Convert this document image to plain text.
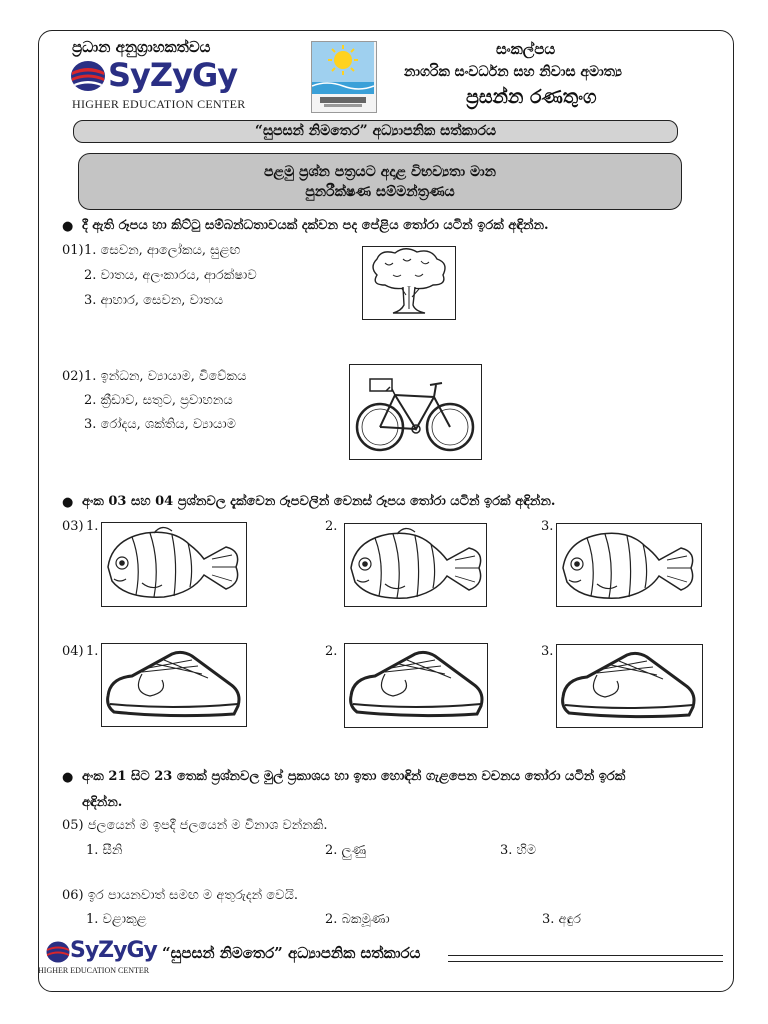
ප්‍රධාන අනුග්‍රාහකත්වය
SyZyGy
HIGHER EDUCATION CENTER
සංකල්පය
නාගරික සංවර්ධන සහ නිවාස අමාත්‍ය
ප්‍රසන්න රණතුංග
“සුපසන් නිමතෙර” අධ්‍යාපනික සත්කාරය
පළමු ප්‍රශ්න පත්‍රයට අදාළ විභව්‍යතා මාන
පුනරීක්ෂණ සම්මන්ත්‍රණය
● දී ඇති රූපය හා කිට්ටු සම්බන්ධතාවයක් දක්වන පද පේළිය තෝරා යටින් ඉරක් අඳින්න.
01) 1. සෙවන, ආලෝකය, සුළඟ
2. වාතය, අලංකාරය, ආරක්ෂාව
3. ආහාර, සෙවන, වාතය
02) 1. ඉන්ධන, ව්‍යායාම, විවේකය
2. ක්‍රීඩාව, සතුට, ප්‍රවාහනය
3. රෝදය, ශක්තිය, ව්‍යායාම
● අංක 03 සහ 04 ප්‍රශ්නවල දැක්වෙන රූපවලින් වෙනස් රූපය තෝරා යටින් ඉරක් අඳින්න.
03) 1.	2.	3.
04) 1.	2.	3.
● අංක 21 සිට 23 තෙක් ප්‍රශ්නවල මුල් ප්‍රකාශය හා ඉතා හොඳින් ගැළපෙන වචනය තෝරා යටින් ඉරක්
අඳින්න.
05) ජලයෙන් ම ඉපදී ජලයෙන් ම විනාශ වන්නකි.
1. සීනි	2. ලුණු	3. හිම
06) ඉර පායනවාත් සමඟ ම අතුරුදන් වෙයි.
1. වළාකුළ	2. බකමූණා	3. අඳුර
SyZyGy
HIGHER EDUCATION CENTER
“සුපසන් නිමතෙර” අධ්‍යාපනික සත්කාරය
